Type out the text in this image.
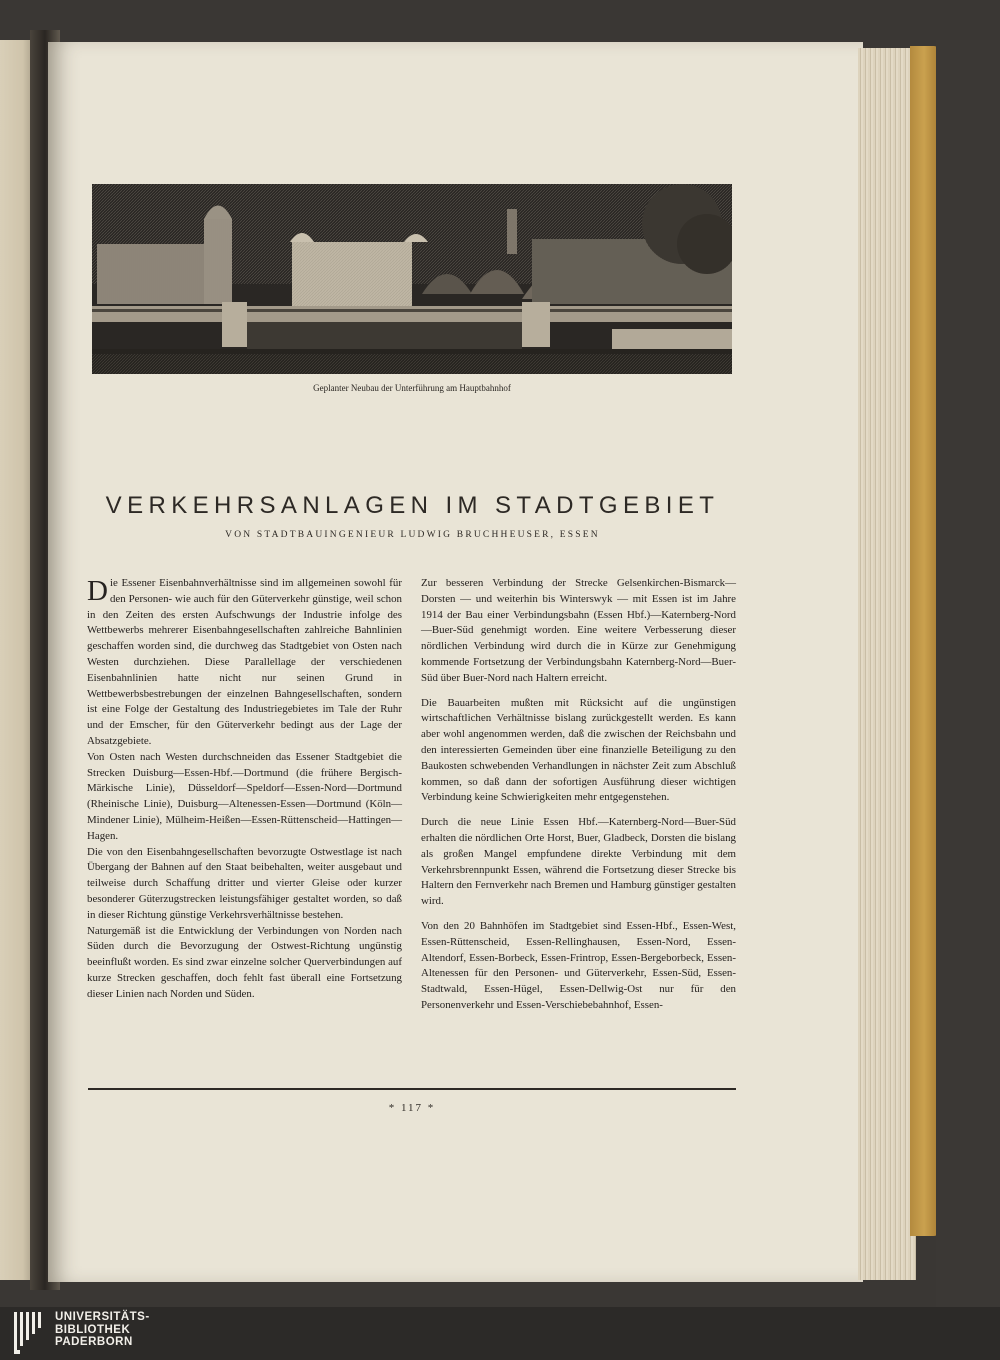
Geplanter Neubau der Unterführung am Hauptbahnhof
VERKEHRSANLAGEN IM STADTGEBIET
VON STADTBAUINGENIEUR LUDWIG BRUCHHEUSER, ESSEN

Die Essener Eisenbahnverhältnisse sind im allgemeinen sowohl für den Personen- wie auch für den Güterverkehr günstige, weil schon in den Zeiten des ersten Aufschwungs der Industrie infolge des Wettbewerbs mehrerer Eisenbahngesellschaften zahlreiche Bahnlinien geschaffen worden sind, die durchweg das Stadtgebiet von Osten nach Westen durchziehen. Diese Parallellage der verschiedenen Eisenbahnlinien hatte nicht nur seinen Grund in Wettbewerbsbestrebungen der einzelnen Bahngesellschaften, sondern ist eine Folge der Gestaltung des Industriegebietes im Tale der Ruhr und der Emscher, für den Güterverkehr bedingt aus der Lage der Absatzgebiete.

Von Osten nach Westen durchschneiden das Essener Stadtgebiet die Strecken Duisburg—Essen-Hbf.—Dortmund (die frühere Bergisch-Märkische Linie), Düsseldorf—Speldorf—Essen-Nord—Dortmund (Rheinische Linie), Duisburg—Altenessen-Essen—Dortmund (Köln—Mindener Linie), Mülheim-Heißen—Essen-Rüttenscheid—Hattingen—Hagen.

Die von den Eisenbahngesellschaften bevorzugte Ostwestlage ist nach Übergang der Bahnen auf den Staat beibehalten, weiter ausgebaut und teilweise durch Schaffung dritter und vierter Gleise oder kurzer besonderer Güterzugstrecken leistungsfähiger gestaltet worden, so daß in dieser Richtung günstige Verkehrsverhältnisse bestehen.

Naturgemäß ist die Entwicklung der Verbindungen von Norden nach Süden durch die Bevorzugung der Ostwest-Richtung ungünstig beeinflußt worden. Es sind zwar einzelne solcher Querverbindungen auf kurze Strecken geschaffen, doch fehlt fast überall eine Fortsetzung dieser Linien nach Norden und Süden.

Zur besseren Verbindung der Strecke Gelsenkirchen-Bismarck—Dorsten — und weiterhin bis Winterswyk — mit Essen ist im Jahre 1914 der Bau einer Verbindungsbahn (Essen Hbf.)—Katernberg-Nord—Buer-Süd genehmigt worden. Eine weitere Verbesserung dieser nördlichen Verbindung wird durch die in Kürze zur Genehmigung kommende Fortsetzung der Verbindungsbahn Katernberg-Nord—Buer-Süd über Buer-Nord nach Haltern erreicht.

Die Bauarbeiten mußten mit Rücksicht auf die ungünstigen wirtschaftlichen Verhältnisse bislang zurückgestellt werden. Es kann aber wohl angenommen werden, daß die zwischen der Reichsbahn und den interessierten Gemeinden über eine finanzielle Beteiligung zu den Baukosten schwebenden Verhandlungen in nächster Zeit zum Abschluß kommen, so daß dann der sofortigen Ausführung dieser wichtigen Verbindung keine Schwierigkeiten mehr entgegenstehen.

Durch die neue Linie Essen Hbf.—Katernberg-Nord—Buer-Süd erhalten die nördlichen Orte Horst, Buer, Gladbeck, Dorsten die bislang als großen Mangel empfundene direkte Verbindung mit dem Verkehrsbrennpunkt Essen, während die Fortsetzung dieser Strecke bis Haltern den Fernverkehr nach Bremen und Hamburg günstiger gestalten wird.

Von den 20 Bahnhöfen im Stadtgebiet sind Essen-Hbf., Essen-West, Essen-Rüttenscheid, Essen-Rellinghausen, Essen-Nord, Essen-Altendorf, Essen-Borbeck, Essen-Frintrop, Essen-Bergeborbeck, Essen-Altenessen für den Personen- und Güterverkehr, Essen-Süd, Essen-Stadtwald, Essen-Hügel, Essen-Dellwig-Ost nur für den Personenverkehr und Essen-Verschiebebahnhof, Essen-

* 117 *
UNIVERSITÄTS-
BIBLIOTHEK
PADERBORN
